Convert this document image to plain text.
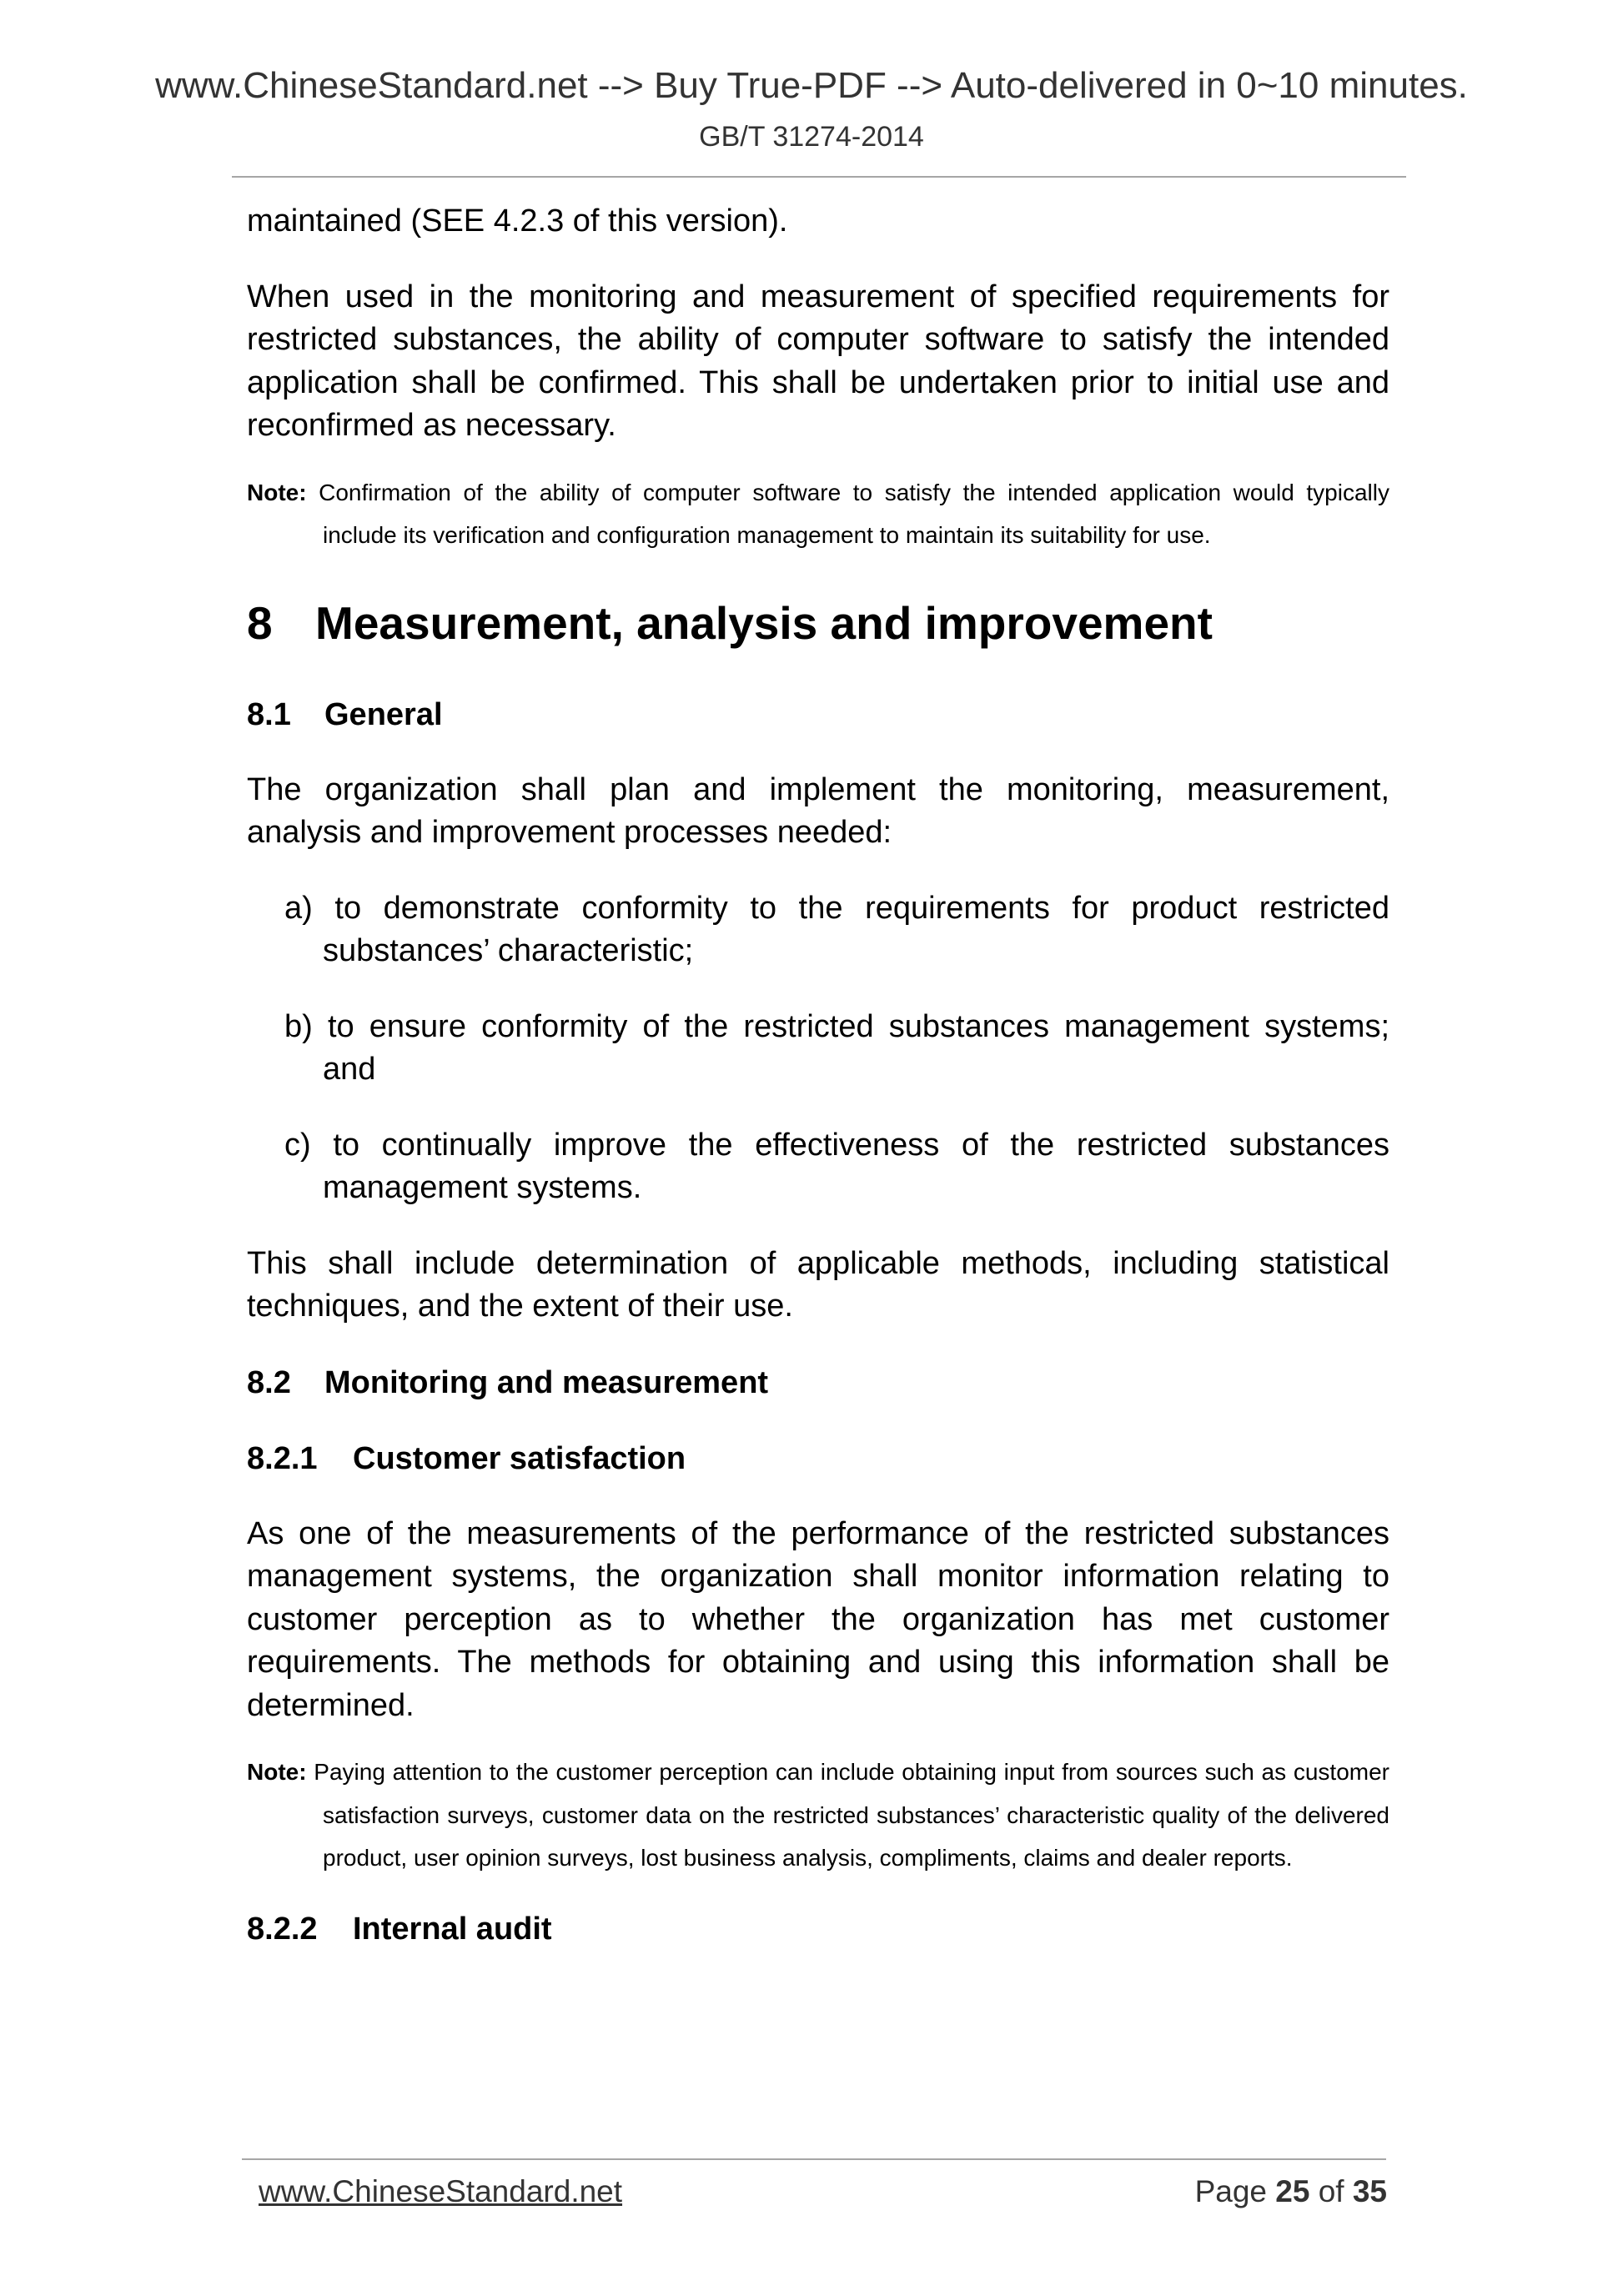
www.ChineseStandard.net --> Buy True-PDF --> Auto-delivered in 0~10 minutes.
GB/T 31274-2014

maintained (SEE 4.2.3 of this version).

When used in the monitoring and measurement of specified requirements for restricted substances, the ability of computer software to satisfy the intended application shall be confirmed. This shall be undertaken prior to initial use and reconfirmed as necessary.

Note: Confirmation of the ability of computer software to satisfy the intended application would typically include its verification and configuration management to maintain its suitability for use.

8 Measurement, analysis and improvement
8.1 General

The organization shall plan and implement the monitoring, measurement, analysis and improvement processes needed:

a) to demonstrate conformity to the requirements for product restricted substances’ characteristic;

b) to ensure conformity of the restricted substances management systems; and

c) to continually improve the effectiveness of the restricted substances management systems.

This shall include determination of applicable methods, including statistical techniques, and the extent of their use.

8.2 Monitoring and measurement
8.2.1 Customer satisfaction

As one of the measurements of the performance of the restricted substances management systems, the organization shall monitor information relating to customer perception as to whether the organization has met customer requirements. The methods for obtaining and using this information shall be determined.

Note: Paying attention to the customer perception can include obtaining input from sources such as customer satisfaction surveys, customer data on the restricted substances’ characteristic quality of the delivered product, user opinion surveys, lost business analysis, compliments, claims and dealer reports.

8.2.2 Internal audit
www.ChineseStandard.net	Page 25 of 35
